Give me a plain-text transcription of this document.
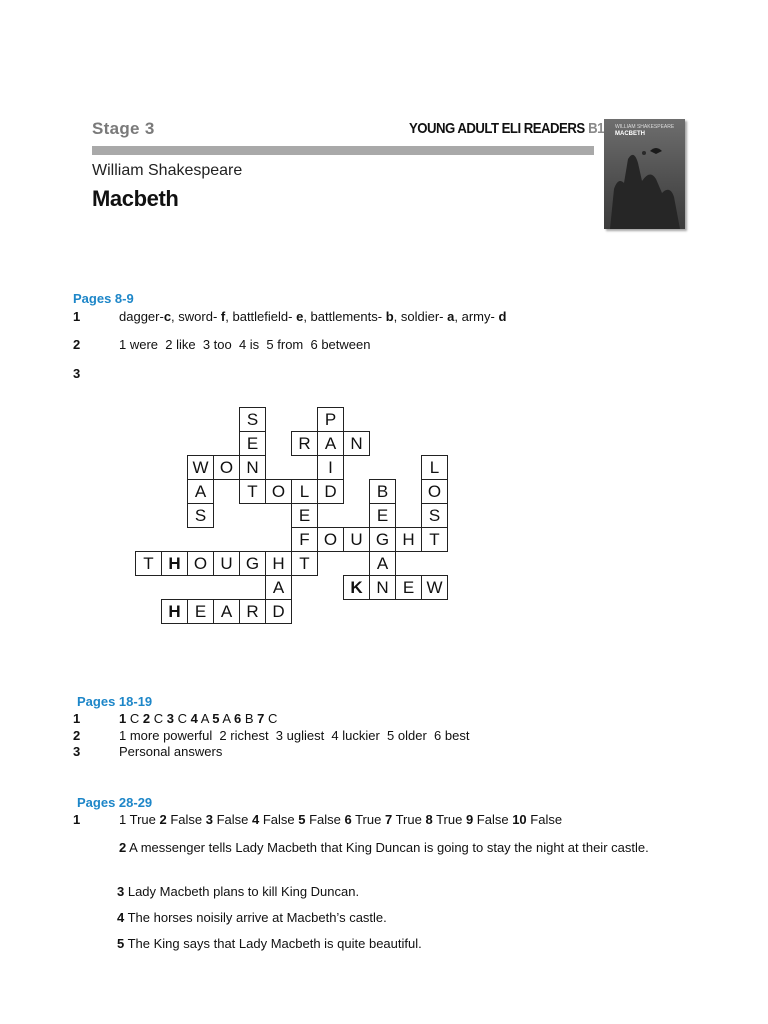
Stage 3	YOUNG ADULT ELI READERS B1
William Shakespeare
Macbeth
WILLIAM SHAKESPEARE
MACBETH
Pages 8-9
1	dagger-c, sword- f, battlefield- e, battlements- b, soldier- a, army- d
2	1 were  2 like  3 too  4 is  5 from  6 between
3
S	P
E	R A N
W O N	I	L
A	T O L D	B	O
S	E	E	S
F O U G H T
T H O U G H T	A
A	K N E W
H E A R D
Pages 18-19
1	1 C 2 C 3 C 4 A 5 A 6 B 7 C
2	1 more powerful  2 richest  3 ugliest  4 luckier  5 older  6 best
3	Personal answers
Pages 28-29
1	1 True 2 False 3 False 4 False 5 False 6 True 7 True 8 True 9 False 10 False
2 A messenger tells Lady Macbeth that King Duncan is going to stay the night at their castle.
3 Lady Macbeth plans to kill King Duncan.
4 The horses noisily arrive at Macbeth’s castle.
5 The King says that Lady Macbeth is quite beautiful.
